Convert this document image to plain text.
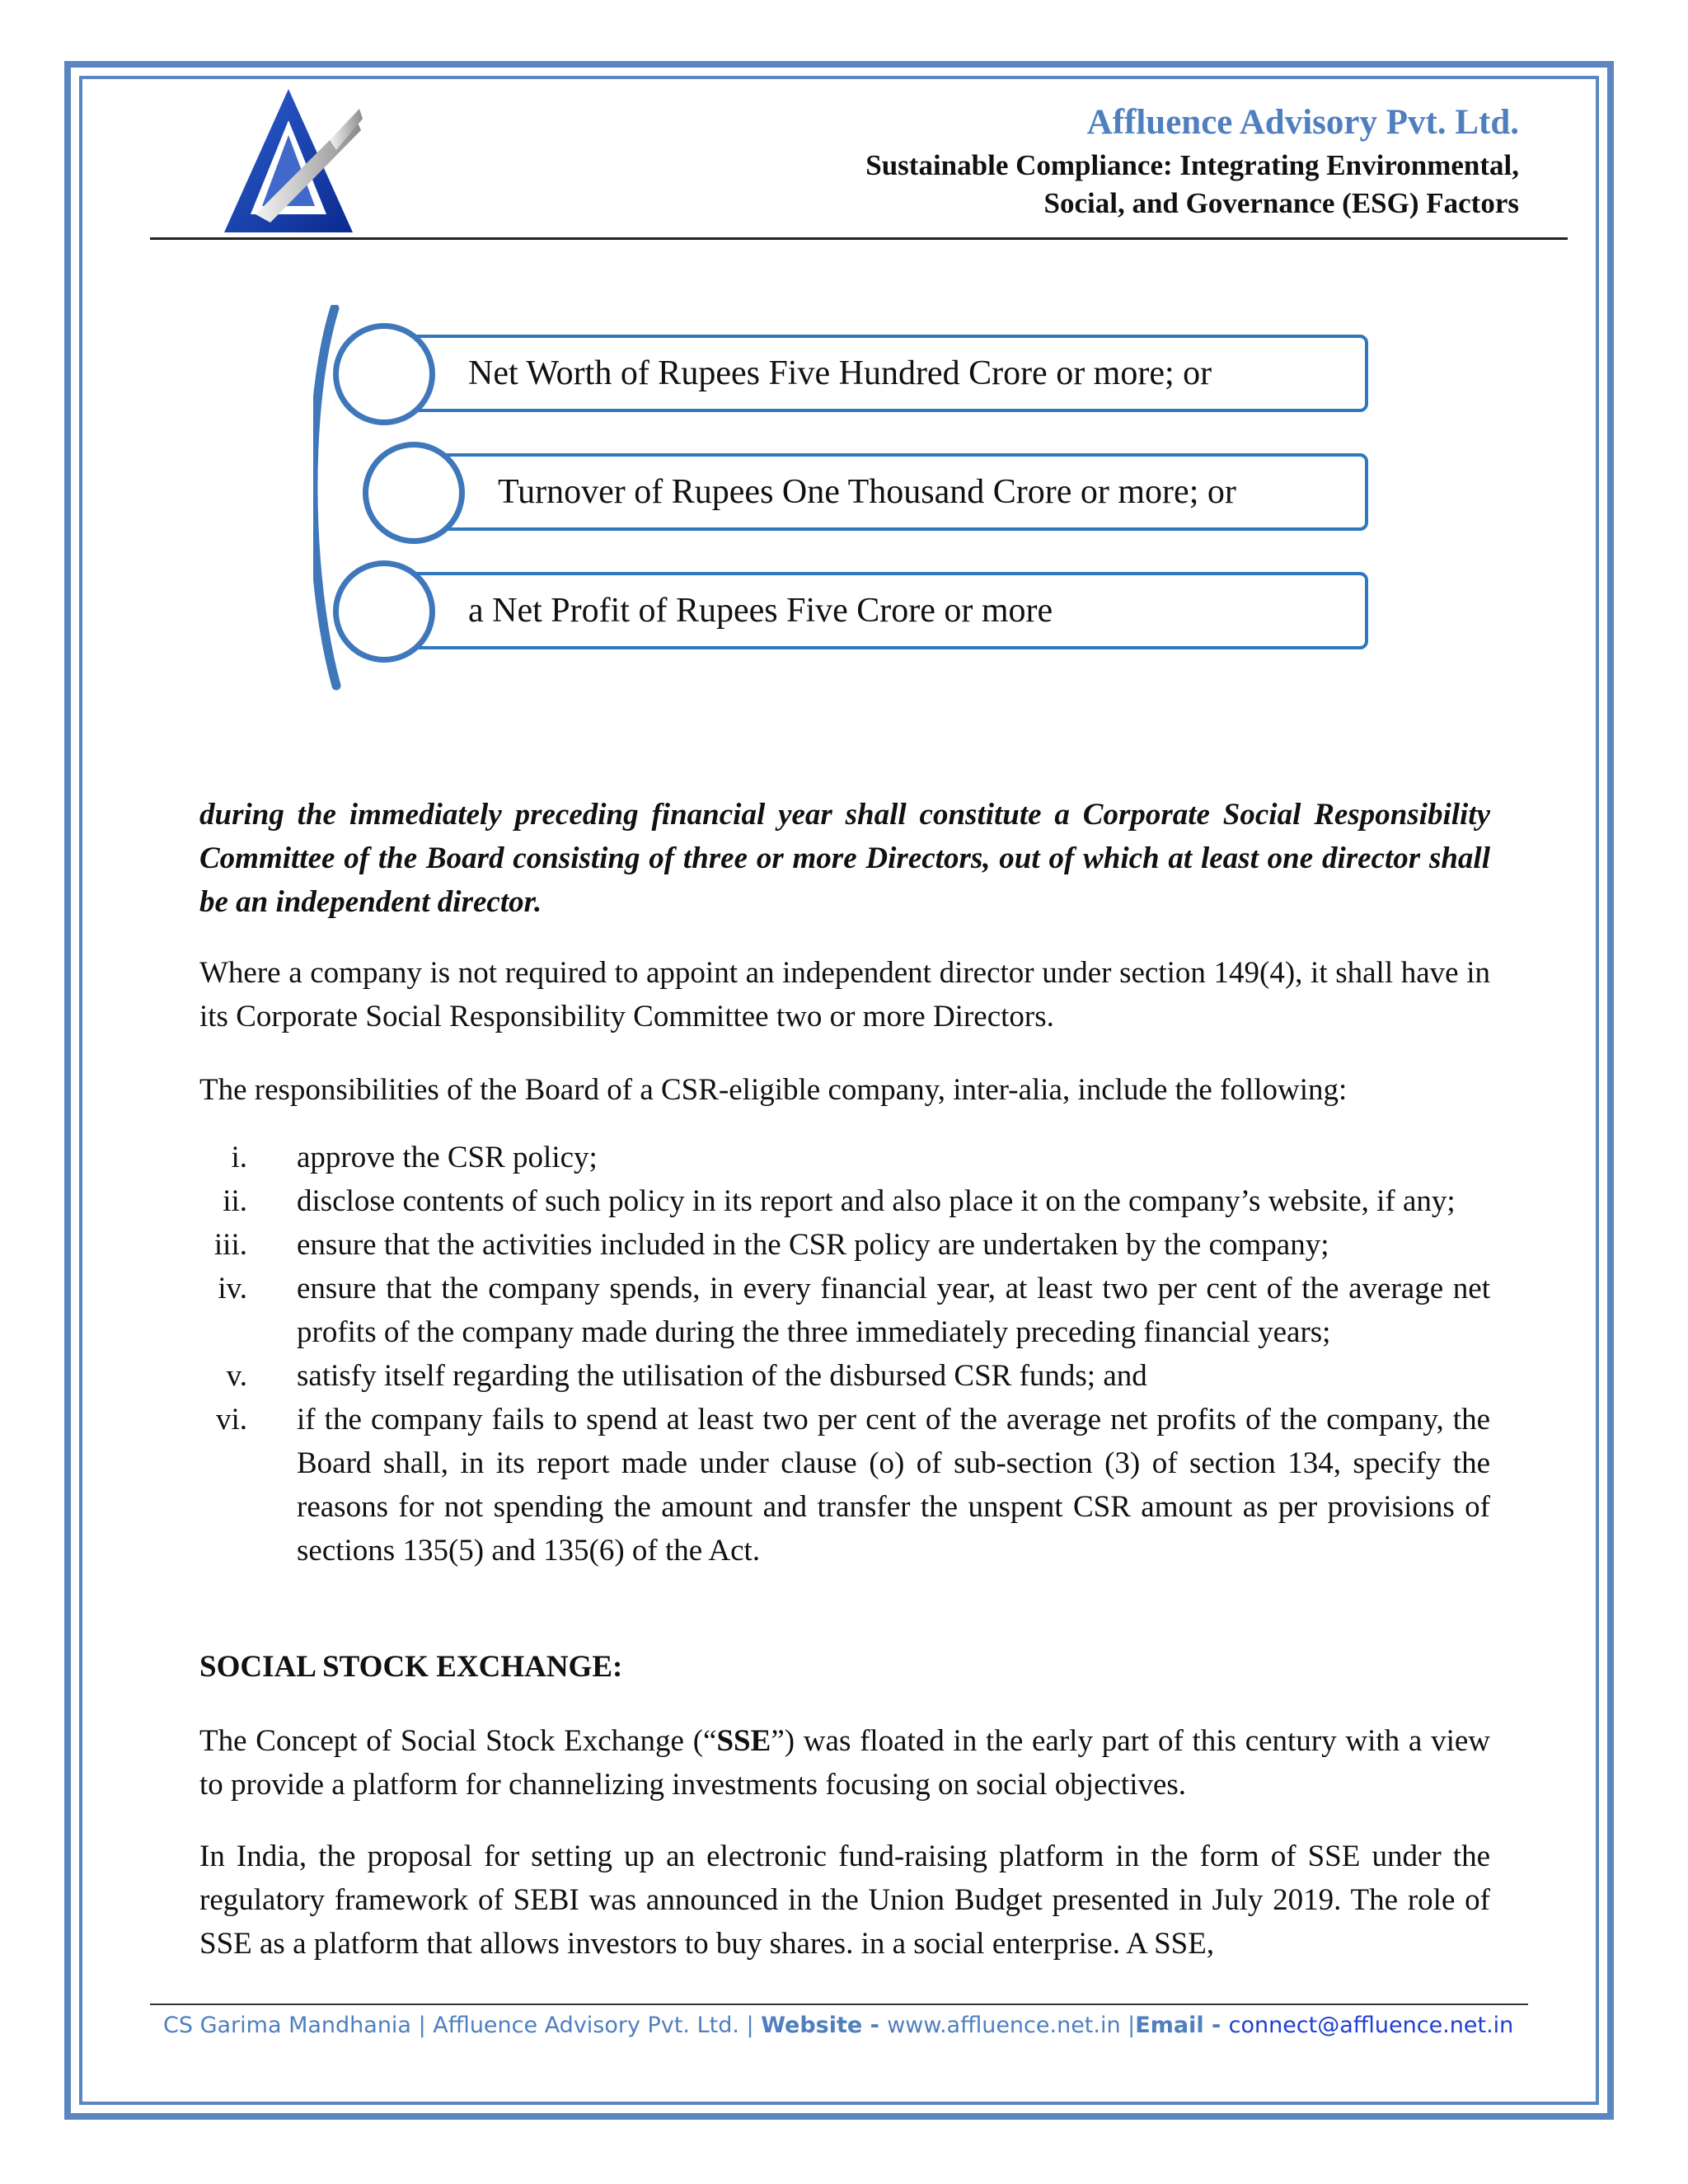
Affluence Advisory Pvt. Ltd.
Sustainable Compliance: Integrating Environmental,
Social, and Governance (ESG) Factors
Net Worth of Rupees Five Hundred Crore or more; or
Turnover of Rupees One Thousand Crore or more; or
a Net Profit of Rupees Five Crore or more

during the immediately preceding financial year shall constitute a Corporate Social Responsibility Committee of the Board consisting of three or more Directors, out of which at least one director shall be an independent director.

Where a company is not required to appoint an independent director under section 149(4), it shall have in its Corporate Social Responsibility Committee two or more Directors.

The responsibilities of the Board of a CSR-eligible company, inter-alia, include the following:

i. approve the CSR policy;
ii. disclose contents of such policy in its report and also place it on the company’s website, if any;
iii. ensure that the activities included in the CSR policy are undertaken by the company;
iv. ensure that the company spends, in every financial year, at least two per cent of the average net profits of the company made during the three immediately preceding financial years;
v. satisfy itself regarding the utilisation of the disbursed CSR funds; and
vi. if the company fails to spend at least two per cent of the average net profits of the company, the Board shall, in its report made under clause (o) of sub-section (3) of section 134, specify the reasons for not spending the amount and transfer the unspent CSR amount as per provisions of sections 135(5) and 135(6) of the Act.
SOCIAL STOCK EXCHANGE:

The Concept of Social Stock Exchange (“SSE”) was floated in the early part of this century with a view to provide a platform for channelizing investments focusing on social objectives.

In India, the proposal for setting up an electronic fund-raising platform in the form of SSE under the regulatory framework of SEBI was announced in the Union Budget presented in July 2019. The role of SSE as a platform that allows investors to buy shares. in a social enterprise. A SSE,

CS Garima Mandhania | Affluence Advisory Pvt. Ltd. | Website - www.affluence.net.in |Email - connect@affluence.net.in
